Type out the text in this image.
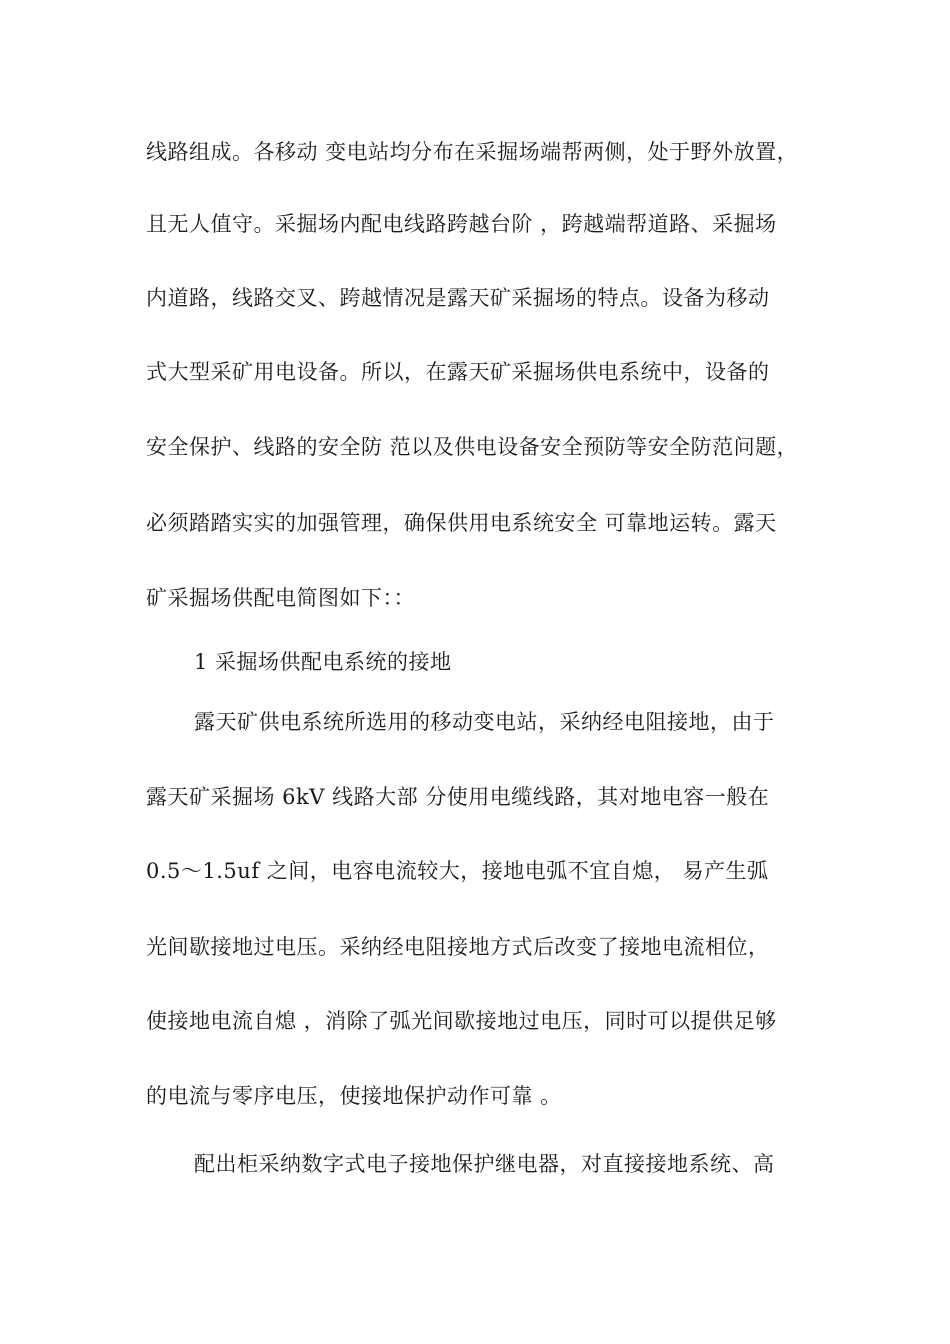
线路组成。各移动 变电站均分布在采掘场端帮两侧，处于野外放置，
且无人值守。采掘场内配电线路跨越台阶 ，跨越端帮道路、采掘场
内道路，线路交叉、跨越情况是露天矿采掘场的特点。设备为移动
式大型采矿用电设备。所以，在露天矿采掘场供电系统中，设备的
安全保护、线路的安全防 范以及供电设备安全预防等安全防范问题，
必须踏踏实实的加强管理，确保供用电系统安全 可靠地运转。露天
矿采掘场供配电简图如下：：
1 采掘场供配电系统的接地
露天矿供电系统所选用的移动变电站，采纳经电阻接地，由于
露天矿采掘场 6kV 线路大部 分使用电缆线路，其对地电容一般在
0.5～1.5uf 之间，电容电流较大，接地电弧不宜自熄， 易产生弧
光间歇接地过电压。采纳经电阻接地方式后改变了接地电流相位，
使接地电流自熄 ，消除了弧光间歇接地过电压，同时可以提供足够
的电流与零序电压，使接地保护动作可靠 。
配出柜采纳数字式电子接地保护继电器，对直接接地系统、高
